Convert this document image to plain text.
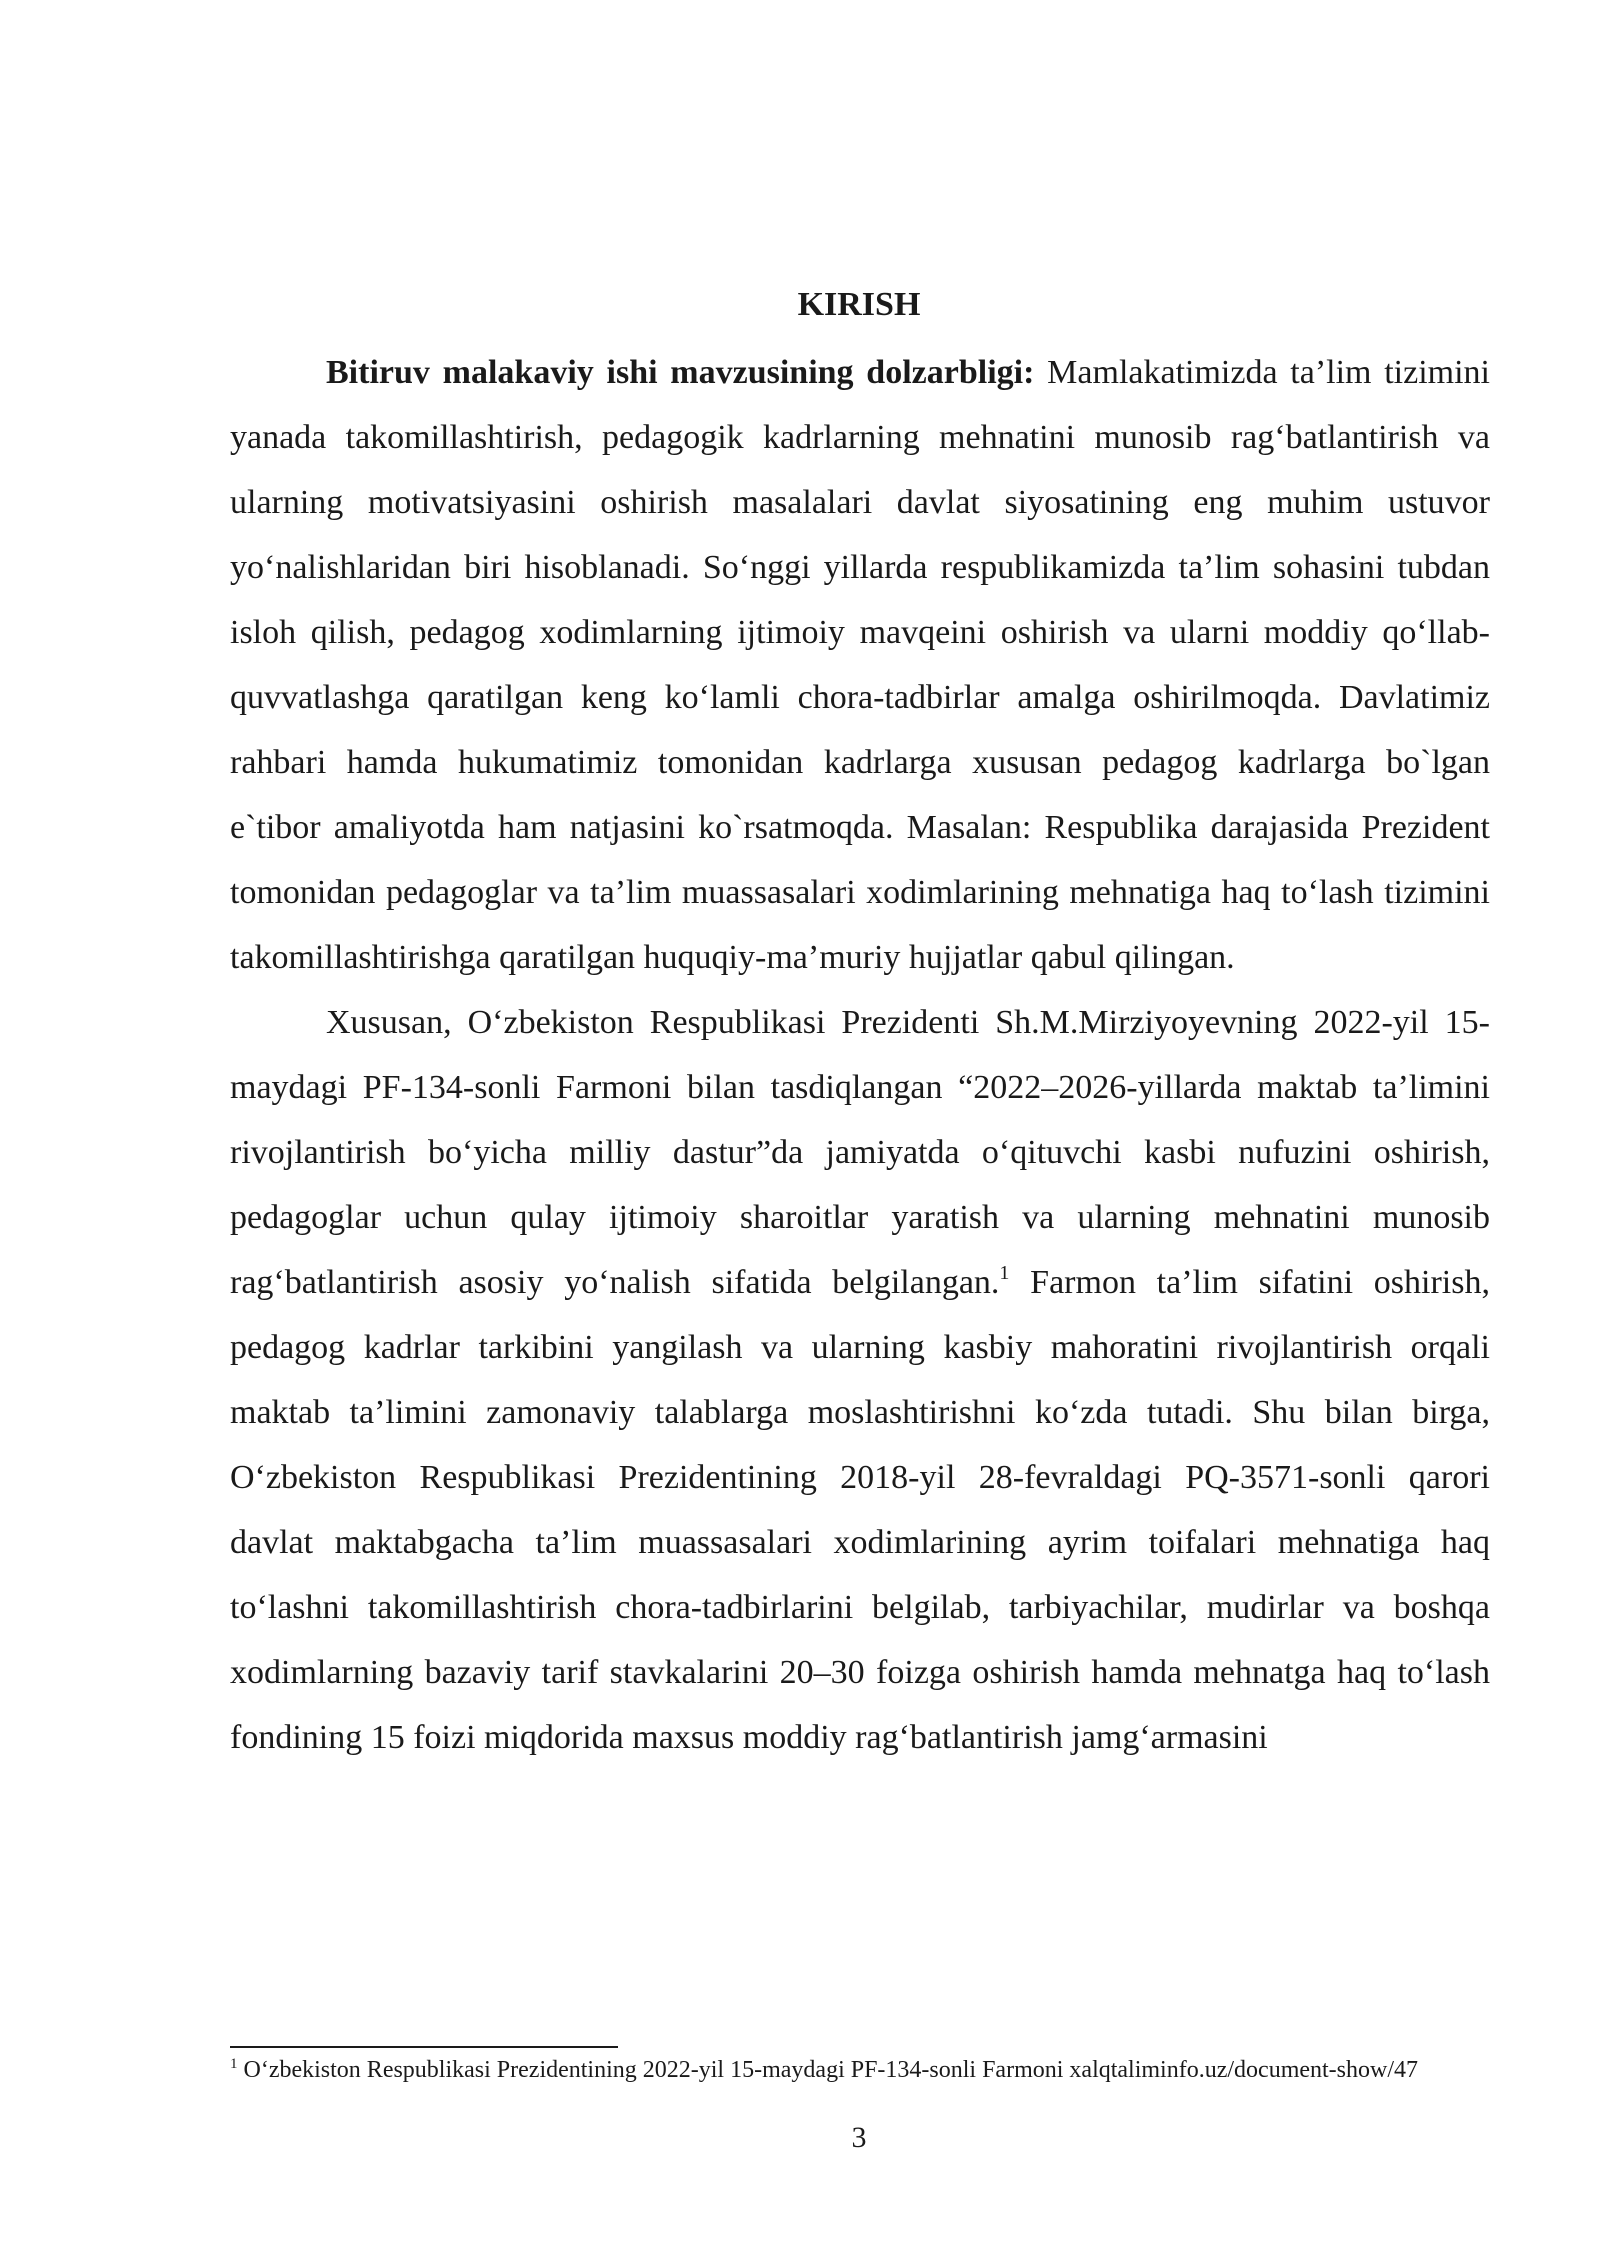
KIRISH

Bitiruv malakaviy ishi mavzusining dolzarbligi: Mamlakatimizda ta’lim tizimini yanada takomillashtirish, pedagogik kadrlarning mehnatini munosib rag‘batlantirish va ularning motivatsiyasini oshirish masalalari davlat siyosatining eng muhim ustuvor yo‘nalishlaridan biri hisoblanadi. So‘nggi yillarda respublikamizda ta’lim sohasini tubdan isloh qilish, pedagog xodimlarning ijtimoiy mavqeini oshirish va ularni moddiy qo‘llab-quvvatlashga qaratilgan keng ko‘lamli chora-tadbirlar amalga oshirilmoqda. Davlatimiz rahbari hamda hukumatimiz tomonidan kadrlarga xususan pedagog kadrlarga bo`lgan e`tibor amaliyotda ham natjasini ko`rsatmoqda. Masalan: Respublika darajasida Prezident tomonidan pedagoglar va ta’lim muassasalari xodimlarining mehnatiga haq to‘lash tizimini takomillashtirishga qaratilgan huquqiy-ma’muriy hujjatlar qabul qilingan.

Xususan, O‘zbekiston Respublikasi Prezidenti Sh.M.Mirziyoyevning 2022-yil 15-maydagi PF-134-sonli Farmoni bilan tasdiqlangan “2022–2026-yillarda maktab ta’limini rivojlantirish bo‘yicha milliy dastur”da jamiyatda o‘qituvchi kasbi nufuzini oshirish, pedagoglar uchun qulay ijtimoiy sharoitlar yaratish va ularning mehnatini munosib rag‘batlantirish asosiy yo‘nalish sifatida belgilangan.$^1$ Farmon ta’lim sifatini oshirish, pedagog kadrlar tarkibini yangilash va ularning kasbiy mahoratini rivojlantirish orqali maktab ta’limini zamonaviy talablarga moslashtirishni ko‘zda tutadi. Shu bilan birga, O‘zbekiston Respublikasi Prezidentining 2018-yil 28-fevraldagi PQ-3571-sonli qarori davlat maktabgacha ta’lim muassasalari xodimlarining ayrim toifalari mehnatiga haq to‘lashni takomillashtirish chora-tadbirlarini belgilab, tarbiyachilar, mudirlar va boshqa xodimlarning bazaviy tarif stavkalarini 20–30 foizga oshirish hamda mehnatga haq to‘lash fondining 15 foizi miqdorida maxsus moddiy rag‘batlantirish jamg‘armasini

$^1$ O‘zbekiston Respublikasi Prezidentining 2022-yil 15-maydagi PF-134-sonli Farmoni xalqtaliminfo.uz/document-show/47
3
